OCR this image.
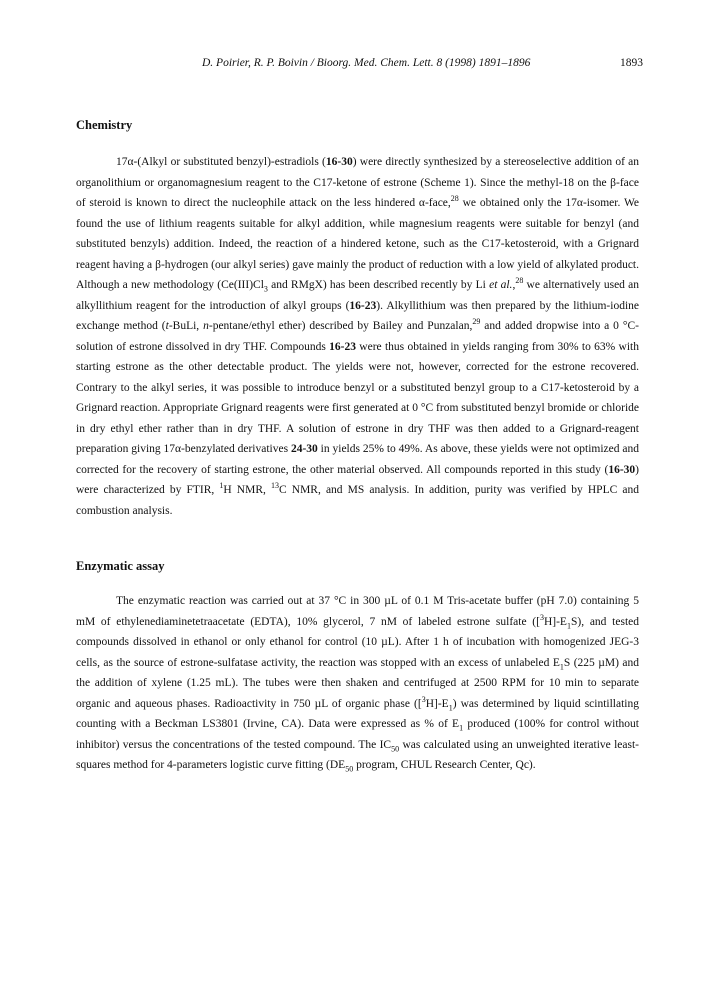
D. Poirier, R. P. Boivin / Bioorg. Med. Chem. Lett. 8 (1998) 1891–1896	1893
Chemistry

17α-(Alkyl or substituted benzyl)-estradiols (16-30) were directly synthesized by a stereoselective addition of an organolithium or organomagnesium reagent to the C17-ketone of estrone (Scheme 1). Since the methyl-18 on the β-face of steroid is known to direct the nucleophile attack on the less hindered α-face,$^{28}$ we obtained only the 17α-isomer. We found the use of lithium reagents suitable for alkyl addition, while magnesium reagents were suitable for benzyl (and substituted benzyls) addition. Indeed, the reaction of a hindered ketone, such as the C17-ketosteroid, with a Grignard reagent having a β-hydrogen (our alkyl series) gave mainly the product of reduction with a low yield of alkylated product. Although a new methodology ($Ce(III)Cl_3$ and RMgX) has been described recently by Li et al.,$^{28}$ we alternatively used an alkyllithium reagent for the introduction of alkyl groups (16-23). Alkyllithium was then prepared by the lithium-iodine exchange method (t-BuLi, n-pentane/ethyl ether) described by Bailey and Punzalan,$^{29}$ and added dropwise into a 0 °C-solution of estrone dissolved in dry THF. Compounds 16-23 were thus obtained in yields ranging from 30% to 63% with starting estrone as the other detectable product. The yields were not, however, corrected for the estrone recovered. Contrary to the alkyl series, it was possible to introduce benzyl or a substituted benzyl group to a C17-ketosteroid by a Grignard reaction. Appropriate Grignard reagents were first generated at 0 °C from substituted benzyl bromide or chloride in dry ethyl ether rather than in dry THF. A solution of estrone in dry THF was then added to a Grignard-reagent preparation giving 17α-benzylated derivatives 24-30 in yields 25% to 49%. As above, these yields were not optimized and corrected for the recovery of starting estrone, the other material observed. All compounds reported in this study (16-30) were characterized by FTIR, $^1$H NMR, $^{13}$C NMR, and MS analysis. In addition, purity was verified by HPLC and combustion analysis.

Enzymatic assay

The enzymatic reaction was carried out at 37 °C in 300 µL of 0.1 M Tris-acetate buffer (pH 7.0) containing 5 mM of ethylenediaminetetraacetate (EDTA), 10% glycerol, 7 nM of labeled estrone sulfate $([^3H]-E_1S)$, and tested compounds dissolved in ethanol or only ethanol for control (10 µL). After 1 h of incubation with homogenized JEG-3 cells, as the source of estrone-sulfatase activity, the reaction was stopped with an excess of unlabeled $E_1S$ (225 µM) and the addition of xylene (1.25 mL). The tubes were then shaken and centrifuged at 2500 RPM for 10 min to separate organic and aqueous phases. Radioactivity in 750 µL of organic phase $([^3H]-E_1)$ was determined by liquid scintillating counting with a Beckman LS3801 (Irvine, CA). Data were expressed as % of $E_1$ produced (100% for control without inhibitor) versus the concentrations of the tested compound. The $IC_{50}$ was calculated using an unweighted iterative least-squares method for 4-parameters logistic curve fitting ($DE_{50}$ program, CHUL Research Center, Qc).
